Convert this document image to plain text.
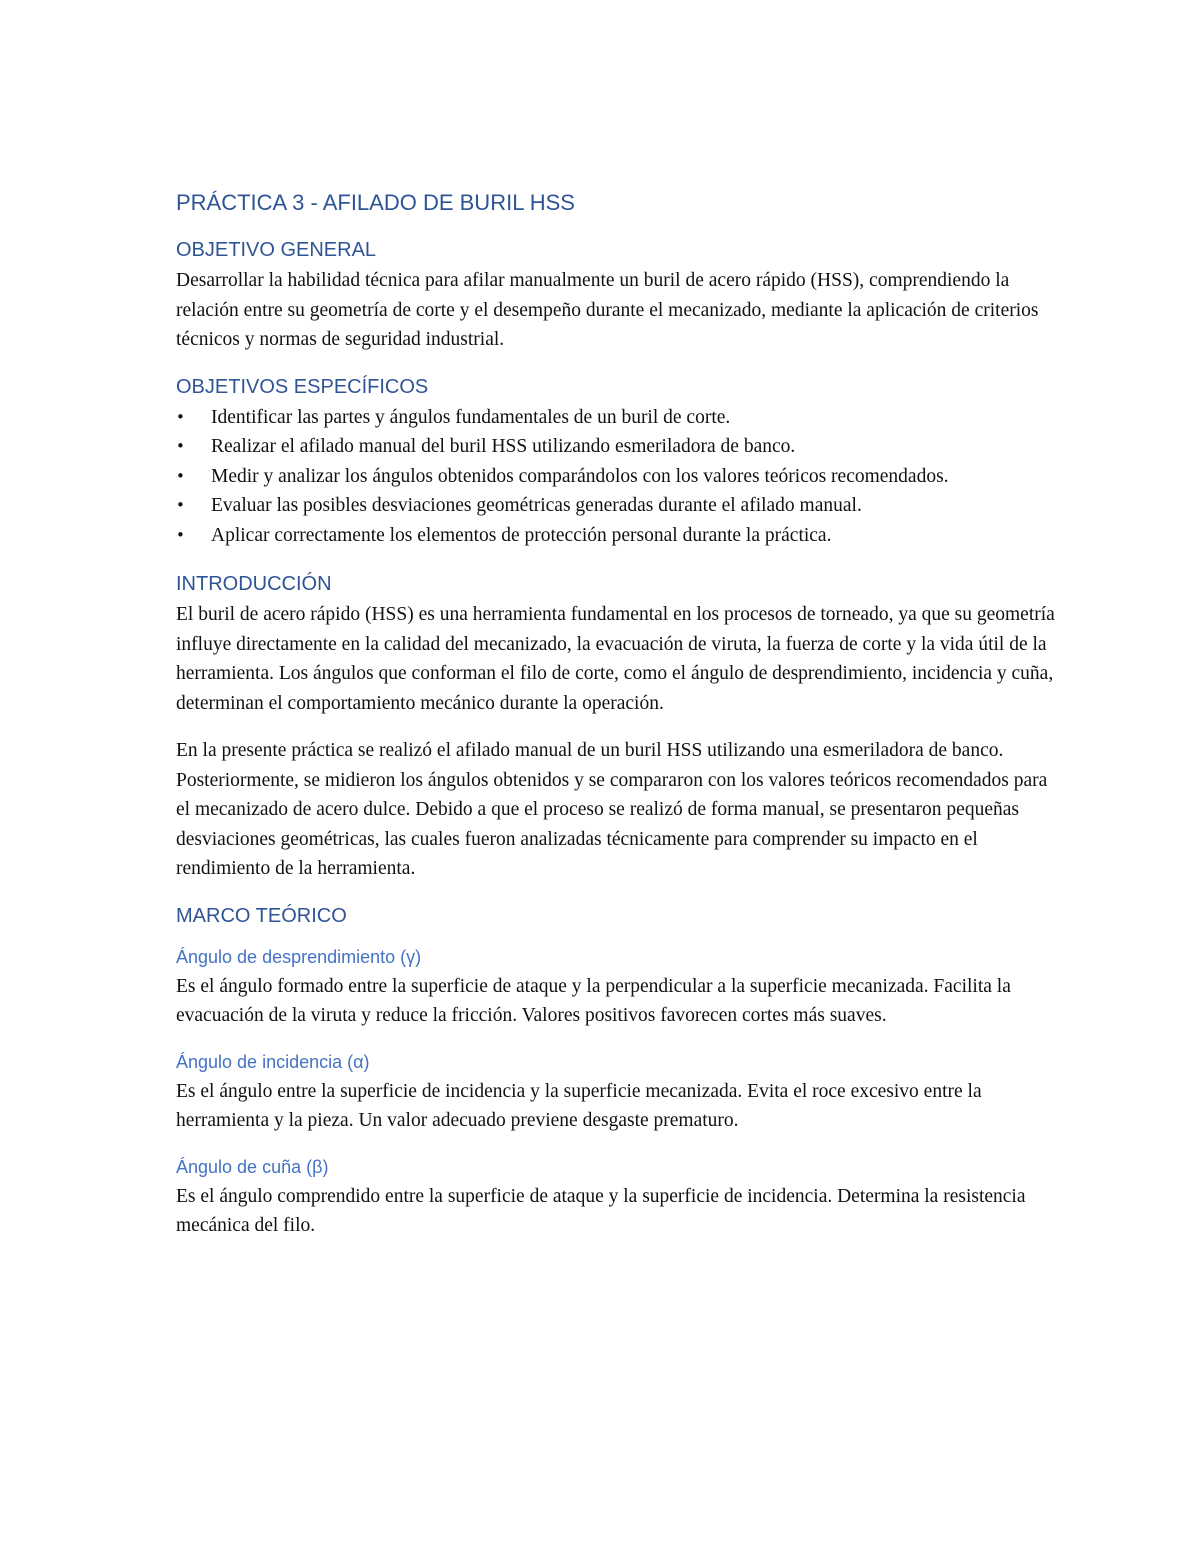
PRÁCTICA 3 - AFILADO DE BURIL HSS
OBJETIVO GENERAL

Desarrollar la habilidad técnica para afilar manualmente un buril de acero rápido (HSS), comprendiendo la relación entre su geometría de corte y el desempeño durante el mecanizado, mediante la aplicación de criterios técnicos y normas de seguridad industrial.

OBJETIVOS ESPECÍFICOS
• Identificar las partes y ángulos fundamentales de un buril de corte.
• Realizar el afilado manual del buril HSS utilizando esmeriladora de banco.
• Medir y analizar los ángulos obtenidos comparándolos con los valores teóricos recomendados.
• Evaluar las posibles desviaciones geométricas generadas durante el afilado manual.
• Aplicar correctamente los elementos de protección personal durante la práctica.
INTRODUCCIÓN

El buril de acero rápido (HSS) es una herramienta fundamental en los procesos de torneado, ya que su geometría influye directamente en la calidad del mecanizado, la evacuación de viruta, la fuerza de corte y la vida útil de la herramienta. Los ángulos que conforman el filo de corte, como el ángulo de desprendimiento, incidencia y cuña, determinan el comportamiento mecánico durante la operación.

En la presente práctica se realizó el afilado manual de un buril HSS utilizando una esmeriladora de banco. Posteriormente, se midieron los ángulos obtenidos y se compararon con los valores teóricos recomendados para el mecanizado de acero dulce. Debido a que el proceso se realizó de forma manual, se presentaron pequeñas desviaciones geométricas, las cuales fueron analizadas técnicamente para comprender su impacto en el rendimiento de la herramienta.

MARCO TEÓRICO
Ángulo de desprendimiento (γ)

Es el ángulo formado entre la superficie de ataque y la perpendicular a la superficie mecanizada. Facilita la evacuación de la viruta y reduce la fricción. Valores positivos favorecen cortes más suaves.

Ángulo de incidencia (α)

Es el ángulo entre la superficie de incidencia y la superficie mecanizada. Evita el roce excesivo entre la herramienta y la pieza. Un valor adecuado previene desgaste prematuro.

Ángulo de cuña (β)

Es el ángulo comprendido entre la superficie de ataque y la superficie de incidencia. Determina la resistencia mecánica del filo.
